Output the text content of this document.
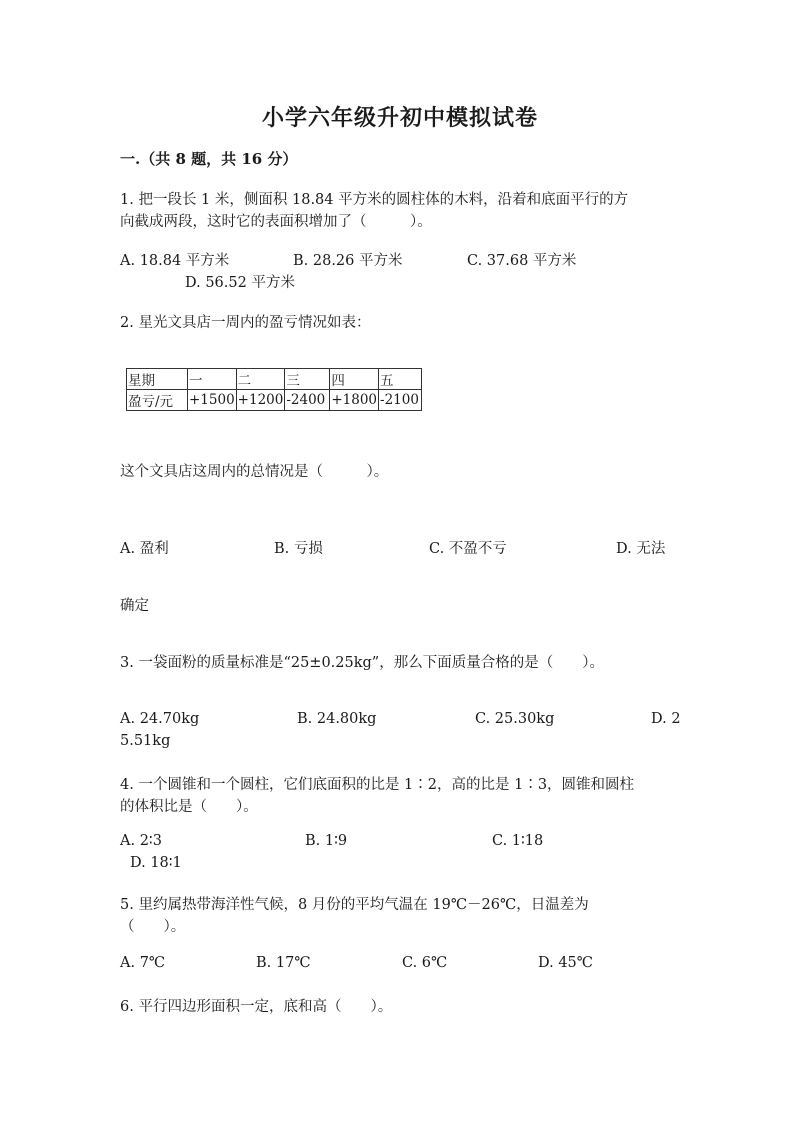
小学六年级升初中模拟试卷
一.（共 8 题，共 16 分）
1. 把一段长 1 米，侧面积 18.84 平方米的圆柱体的木料，沿着和底面平行的方
向截成两段，这时它的表面积增加了（　　　）。
A. 18.84 平方米	B. 28.26 平方米	C. 37.68 平方米
D. 56.52 平方米
2. 星光文具店一周内的盈亏情况如表：
星期	一	二	三	四	五
盈亏/元	+1500	+1200	-2400	+1800	-2100
这个文具店这周内的总情况是（　　　）。
A. 盈利	B. 亏损	C. 不盈不亏	D. 无法
确定
3. 一袋面粉的质量标准是“25±0.25kg”，那么下面质量合格的是（　　）。
A. 24.70kg	B. 24.80kg	C. 25.30kg	D. 2
5.51kg
4. 一个圆锥和一个圆柱，它们底面积的比是 1∶2，高的比是 1∶3，圆锥和圆柱
的体积比是（　　）。
A. 2∶3	B. 1∶9	C. 1∶18
D. 18∶1
5. 里约属热带海洋性气候，8 月份的平均气温在 19℃－26℃，日温差为
（　　）。
A. 7℃	B. 17℃	C. 6℃	D. 45℃
6. 平行四边形面积一定，底和高（　　）。
